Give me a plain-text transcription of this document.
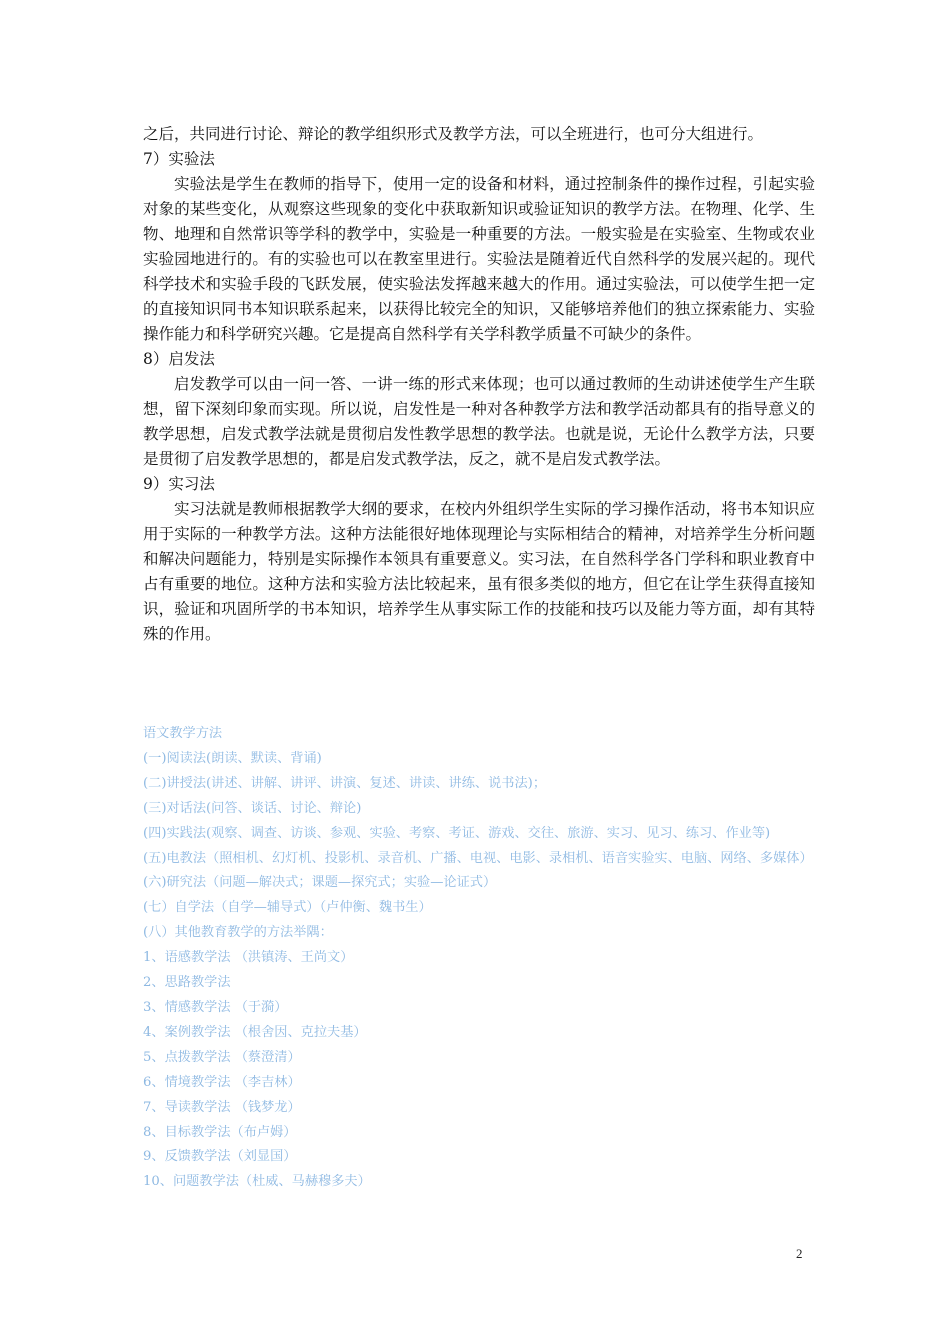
之后，共同进行讨论、辩论的教学组织形式及教学方法，可以全班进行，也可分大组进行。

7）实验法

实验法是学生在教师的指导下，使用一定的设备和材料，通过控制条件的操作过程，引起实验对象的某些变化，从观察这些现象的变化中获取新知识或验证知识的教学方法。在物理、化学、生物、地理和自然常识等学科的教学中，实验是一种重要的方法。一般实验是在实验室、生物或农业实验园地进行的。有的实验也可以在教室里进行。实验法是随着近代自然科学的发展兴起的。现代科学技术和实验手段的飞跃发展，使实验法发挥越来越大的作用。通过实验法，可以使学生把一定的直接知识同书本知识联系起来，以获得比较完全的知识，又能够培养他们的独立探索能力、实验操作能力和科学研究兴趣。它是提高自然科学有关学科教学质量不可缺少的条件。

8）启发法

启发教学可以由一问一答、一讲一练的形式来体现；也可以通过教师的生动讲述使学生产生联想，留下深刻印象而实现。所以说，启发性是一种对各种教学方法和教学活动都具有的指导意义的教学思想，启发式教学法就是贯彻启发性教学思想的教学法。也就是说，无论什么教学方法，只要是贯彻了启发教学思想的，都是启发式教学法，反之，就不是启发式教学法。

9）实习法

实习法就是教师根据教学大纲的要求，在校内外组织学生实际的学习操作活动，将书本知识应用于实际的一种教学方法。这种方法能很好地体现理论与实际相结合的精神，对培养学生分析问题和解决问题能力，特别是实际操作本领具有重要意义。实习法，在自然科学各门学科和职业教育中占有重要的地位。这种方法和实验方法比较起来，虽有很多类似的地方，但它在让学生获得直接知识，验证和巩固所学的书本知识，培养学生从事实际工作的技能和技巧以及能力等方面，却有其特殊的作用。

语文教学方法
(一)阅读法(朗读、默读、背诵)
(二)讲授法(讲述、讲解、讲评、讲演、复述、讲读、讲练、说书法)；
(三)对话法(问答、谈话、讨论、辩论)
(四)实践法(观察、调查、访谈、参观、实验、考察、考证、游戏、交往、旅游、实习、见习、练习、作业等)
(五)电教法（照相机、幻灯机、投影机、录音机、广播、电视、电影、录相机、语音实验实、电脑、网络、多媒体）
(六)研究法（问题—解决式；课题—探究式；实验—论证式）
(七）自学法（自学—辅导式）（卢仲衡、魏书生）
(八）其他教育教学的方法举隅：
1、语感教学法 （洪镇涛、王尚文）
2、思路教学法
3、情感教学法 （于漪）
4、案例教学法 （根舍因、克拉夫基）
5、点拨教学法 （蔡澄清）
6、情境教学法 （李吉林）
7、导读教学法 （钱梦龙）
8、目标教学法（布卢姆）
9、反馈教学法（刘显国）
10、问题教学法（杜威、马赫穆多夫）
2
